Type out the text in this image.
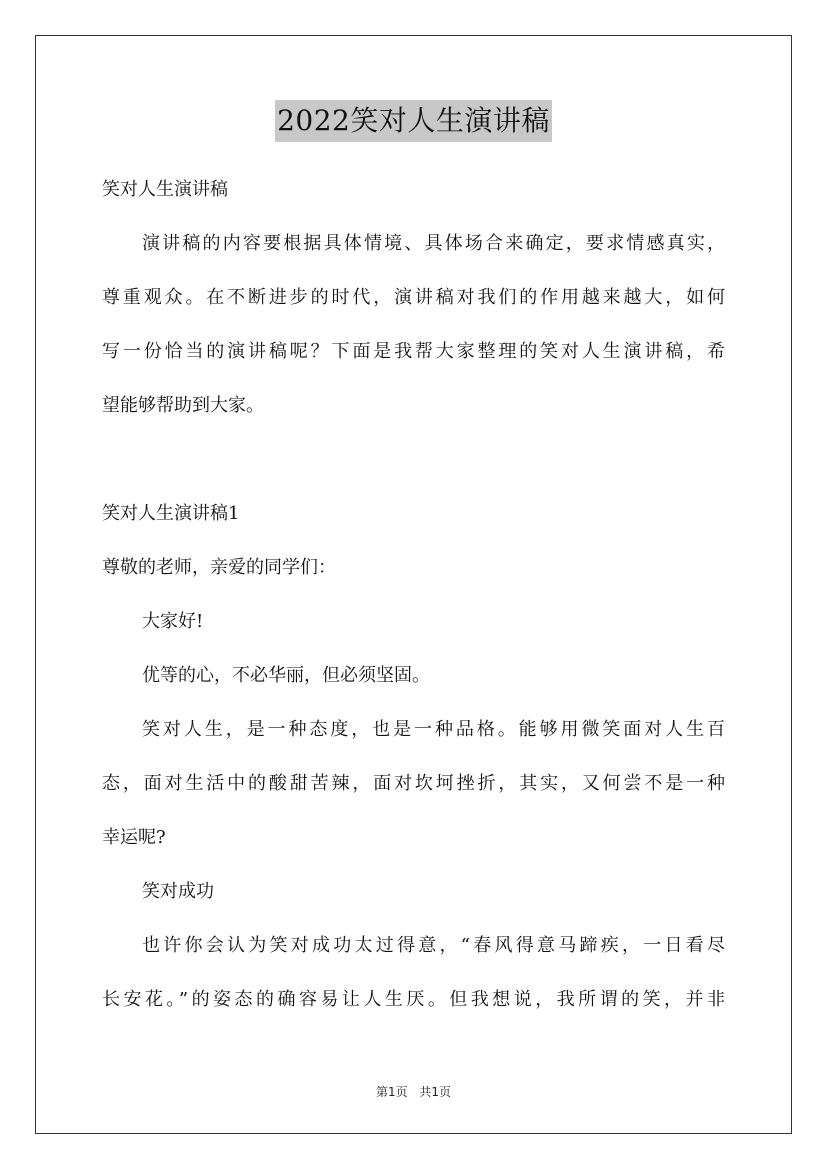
2022笑对人生演讲稿
笑对人生演讲稿
演讲稿的内容要根据具体情境、具体场合来确定，要求情感真实，
尊重观众。在不断进步的时代，演讲稿对我们的作用越来越大，如何
写一份恰当的演讲稿呢？下面是我帮大家整理的笑对人生演讲稿，希
望能够帮助到大家。
笑对人生演讲稿1
尊敬的老师，亲爱的同学们：
大家好!
优等的心，不必华丽，但必须坚固。
笑对人生，是一种态度，也是一种品格。能够用微笑面对人生百
态，面对生活中的酸甜苦辣，面对坎坷挫折，其实，又何尝不是一种
幸运呢?
笑对成功
也许你会认为笑对成功太过得意，“春风得意马蹄疾，一日看尽
长安花。”的姿态的确容易让人生厌。但我想说，我所谓的笑，并非
第1页 共1页
